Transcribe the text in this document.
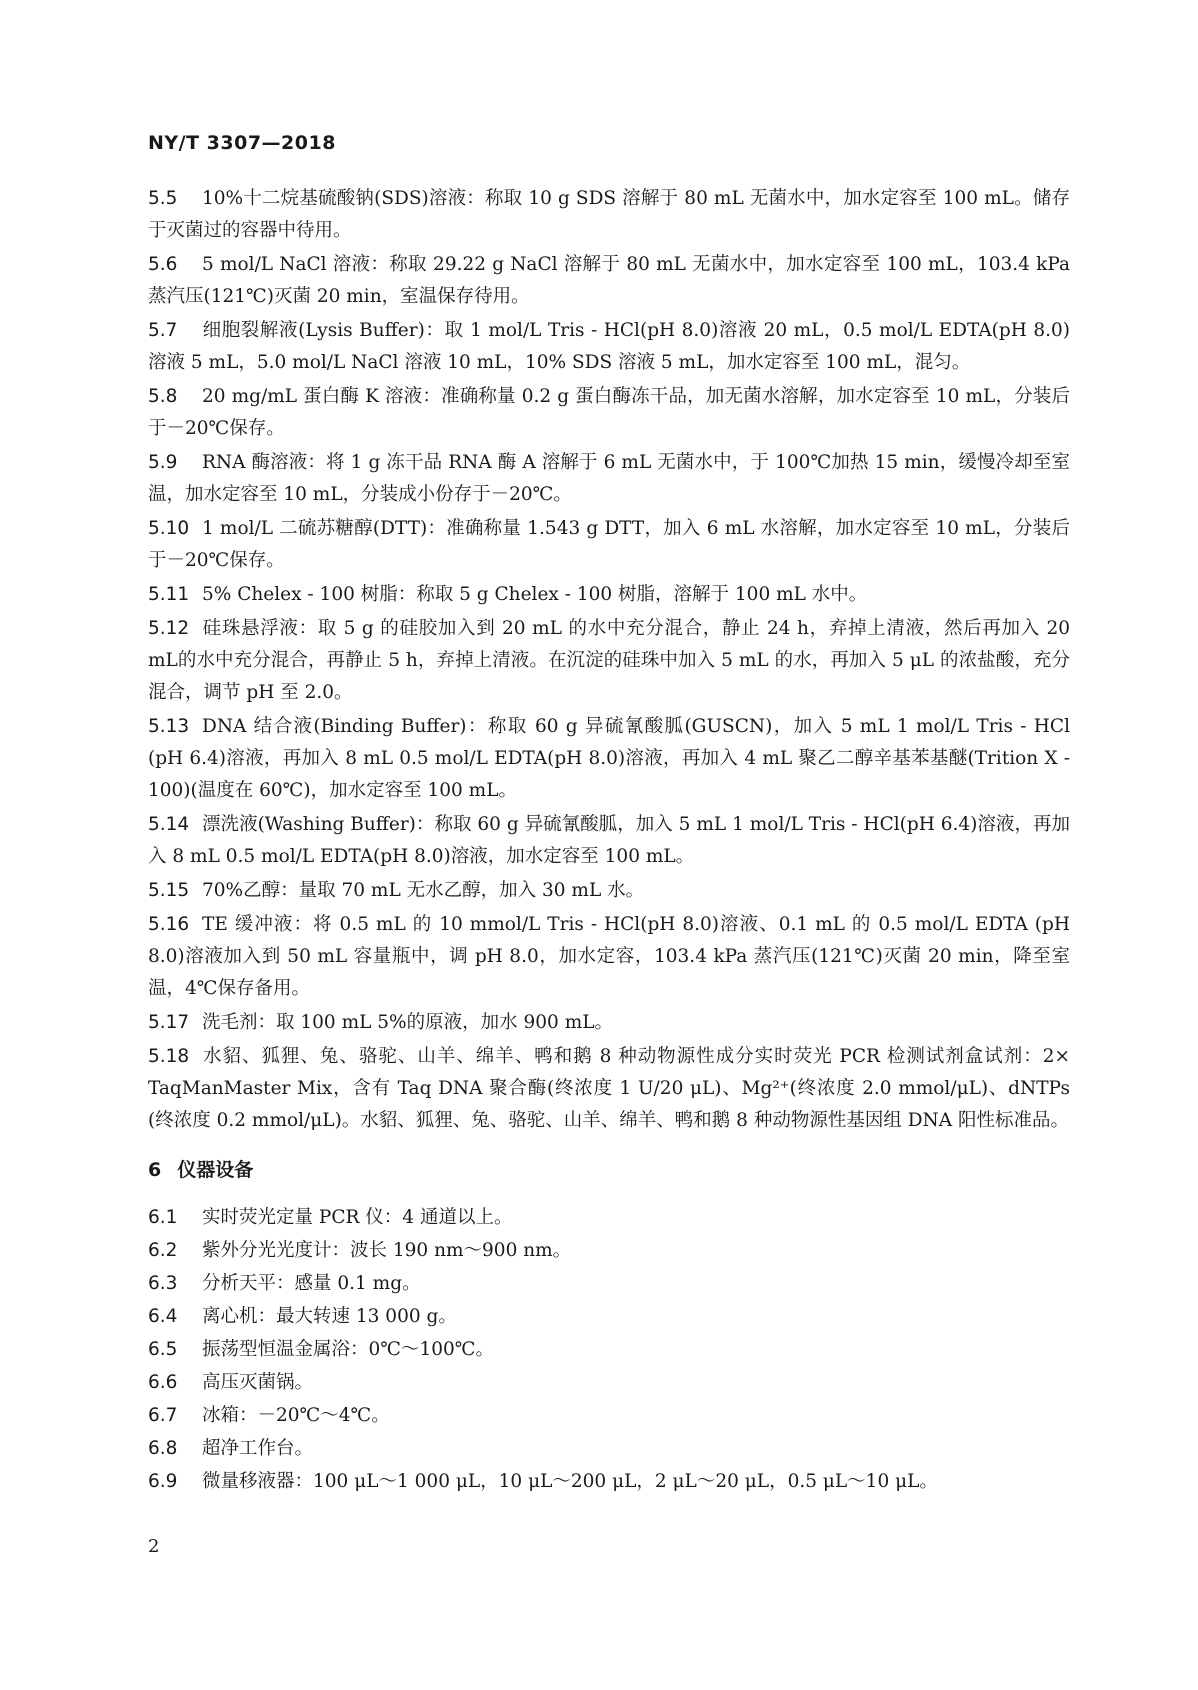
NY/T 3307—2018
5.5 10%十二烷基硫酸钠(SDS)溶液：称取 10 g SDS 溶解于 80 mL 无菌水中，加水定容至 100 mL。储存于灭菌过的容器中待用。
5.6 5 mol/L NaCl 溶液：称取 29.22 g NaCl 溶解于 80 mL 无菌水中，加水定容至 100 mL，103.4 kPa 蒸汽压(121℃)灭菌 20 min，室温保存待用。
5.7 细胞裂解液(Lysis Buffer)：取 1 mol/L Tris - HCl(pH 8.0)溶液 20 mL，0.5 mol/L EDTA(pH 8.0)溶液 5 mL，5.0 mol/L NaCl 溶液 10 mL，10% SDS 溶液 5 mL，加水定容至 100 mL，混匀。
5.8 20 mg/mL 蛋白酶 K 溶液：准确称量 0.2 g 蛋白酶冻干品，加无菌水溶解，加水定容至 10 mL，分装后于－20℃保存。
5.9 RNA 酶溶液：将 1 g 冻干品 RNA 酶 A 溶解于 6 mL 无菌水中，于 100℃加热 15 min，缓慢冷却至室温，加水定容至 10 mL，分装成小份存于－20℃。
5.10 1 mol/L 二硫苏糖醇(DTT)：准确称量 1.543 g DTT，加入 6 mL 水溶解，加水定容至 10 mL，分装后于－20℃保存。
5.11 5% Chelex - 100 树脂：称取 5 g Chelex - 100 树脂，溶解于 100 mL 水中。
5.12 硅珠悬浮液：取 5 g 的硅胶加入到 20 mL 的水中充分混合，静止 24 h，弃掉上清液，然后再加入 20 mL的水中充分混合，再静止 5 h，弃掉上清液。在沉淀的硅珠中加入 5 mL 的水，再加入 5 μL 的浓盐酸，充分混合，调节 pH 至 2.0。
5.13 DNA 结合液(Binding Buffer)：称取 60 g 异硫氰酸胍(GUSCN)，加入 5 mL 1 mol/L Tris - HCl (pH 6.4)溶液，再加入 8 mL 0.5 mol/L EDTA(pH 8.0)溶液，再加入 4 mL 聚乙二醇辛基苯基醚(Trition X - 100)(温度在 60℃)，加水定容至 100 mL。
5.14 漂洗液(Washing Buffer)：称取 60 g 异硫氰酸胍，加入 5 mL 1 mol/L Tris - HCl(pH 6.4)溶液，再加入 8 mL 0.5 mol/L EDTA(pH 8.0)溶液，加水定容至 100 mL。
5.15 70%乙醇：量取 70 mL 无水乙醇，加入 30 mL 水。
5.16 TE 缓冲液：将 0.5 mL 的 10 mmol/L Tris - HCl(pH 8.0)溶液、0.1 mL 的 0.5 mol/L EDTA (pH 8.0)溶液加入到 50 mL 容量瓶中，调 pH 8.0，加水定容，103.4 kPa 蒸汽压(121℃)灭菌 20 min，降至室温，4℃保存备用。
5.17 洗毛剂：取 100 mL 5%的原液，加水 900 mL。
5.18 水貂、狐狸、兔、骆驼、山羊、绵羊、鸭和鹅 8 种动物源性成分实时荧光 PCR 检测试剂盒试剂：2× TaqManMaster Mix，含有 Taq DNA 聚合酶(终浓度 1 U/20 μL)、Mg²⁺(终浓度 2.0 mmol/μL)、dNTPs (终浓度 0.2 mmol/μL)。水貂、狐狸、兔、骆驼、山羊、绵羊、鸭和鹅 8 种动物源性基因组 DNA 阳性标准品。
6 仪器设备
6.1 实时荧光定量 PCR 仪：4 通道以上。
6.2 紫外分光光度计：波长 190 nm～900 nm。
6.3 分析天平：感量 0.1 mg。
6.4 离心机：最大转速 13 000 g。
6.5 振荡型恒温金属浴：0℃～100℃。
6.6 高压灭菌锅。
6.7 冰箱：－20℃～4℃。
6.8 超净工作台。
6.9 微量移液器：100 μL～1 000 μL，10 μL～200 μL，2 μL～20 μL，0.5 μL～10 μL。
2
